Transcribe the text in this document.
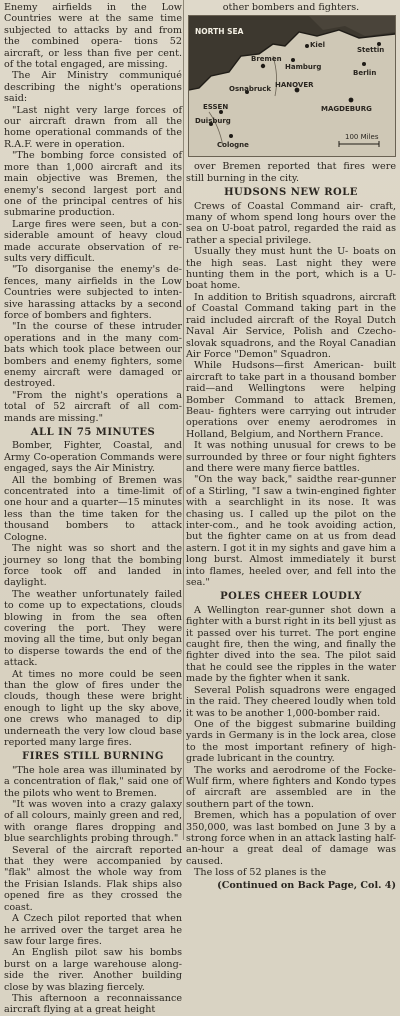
Enemy airfields in the Low Countries were at the same time subjected to attacks by and from the combined opera- tions 52 aircraft, or less than five per cent. of the total engaged, are missing.

The Air Ministry communiqué describing the night's operations said:

"Last night very large forces of our aircraft drawn from all the home operational commands of the R.A.F. were in operation.

"The bombing force consisted of more than 1,000 aircraft and its main objective was Bremen, the enemy's second largest port and one of the principal centres of his submarine production.

Large fires were seen, but a con- siderable amount of heavy cloud made accurate observation of re- sults very difficult.

"To disorganise the enemy's de- fences, many airfields in the Low Countries were subjected to inten- sive harassing attacks by a second force of bombers and fighters.

"In the course of these intruder operations and in the many com- bats which took place between our bombers and enemy fighters, some enemy aircraft were damaged or destroyed.

"From the night's operations a total of 52 aircraft of all com- mands are missing."

ALL IN 75 MINUTES

Bomber, Fighter, Coastal, and Army Co-operation Commands were engaged, says the Air Ministry.

All the bombing of Bremen was concentrated into a time-limit of one hour and a quarter—15 minutes less than the time taken for the thousand bombers to attack Cologne.

The night was so short and the journey so long that the bombing force took off and landed in daylight.

The weather unfortunately failed to come up to expectations, clouds blowing in from the sea often covering the port. They were moving all the time, but only began to disperse towards the end of the attack.

At times no more could be seen than the glow of fires under the clouds, though these were bright enough to light up the sky above, one crews who managed to dip underneath the very low cloud base reported many large fires.

FIRES STILL BURNING

"The hole area was illuminated by a concentration of flak," said one of the pilots who went to Bremen.

"It was woven into a crazy galaxy of all colours, mainly green and red, with orange flares dropping and blue searchlights probing through."

Several of the aircraft reported that they were accompanied by "flak" almost the whole way from the Frisian Islands. Flak ships also opened fire as they crossed the coast.

A Czech pilot reported that when he arrived over the target area he saw four large fires.

An English pilot saw his bombs burst on a large warehouse along- side the river. Another building close by was blazing fiercely.

This afternoon a reconnaissance aircraft flying at a great height

other bombers and fighters.

NORTH SEA
Kiel
Stettin
Bremen
Hamburg
Berlin
Osnabruck HANOVER
ESSEN
Duisburg
MAGDEBURG
Cologne
100 Miles

over Bremen reported that fires were still burning in the city.

HUDSONS NEW ROLE

Crews of Coastal Command air- craft, many of whom spend long hours over the sea on U-boat patrol, regarded the raid as rather a special privilege.

Usually they must hunt the U- boats on the high seas. Last night they were hunting them in the port, which is a U-boat home.

In addition to British squadrons, aircraft of Coastal Command taking part in the raid included aircraft of the Royal Dutch Naval Air Service, Polish and Czecho- slovak squadrons, and the Royal Canadian Air Force "Demon" Squadron.

While Hudsons—first American- built aircraft to take part in a thousand bomber raid—and Wellingtons were helping Bomber Command to attack Bremen, Beau- fighters were carrying out intruder operations over enemy aerodromes in Holland, Belgium, and Northern France.

It was nothing unusual for crews to be surrounded by three or four night fighters and there were many fierce battles.

"On the way back," saidthe rear-gunner of a Stirling, "I saw a twin-engined fighter with a searchlight in its nose. It was chasing us. I called up the pilot on the inter-com., and he took avoiding action, but the fighter came on at us from dead astern. I got it in my sights and gave him a long burst. Almost immediately it burst into flames, heeled over, and fell into the sea."

POLES CHEER LOUDLY

A Wellington rear-gunner shot down a fighter with a burst right in its bell yjust as it passed over his turret. The port engine caught fire, then the wing, and finally the fighter dived into the sea. The pilot said that he could see the ripples in the water made by the fighter when it sank.

Several Polish squadrons were engaged in the raid. They cheered loudly when told it was to be another 1,000-bomber raid.

One of the biggest submarine building yards in Germany is in the lock area, close to the most important refinery of high-grade lubricant in the country.

The works and aerodrome of the Focke-Wulf firm, where fighters and Kondo types of aircraft are assembled are in the southern part of the town.

Bremen, which has a population of over 350,000, was last bombed on June 3 by a strong force when in an attack lasting half-an-hour a great deal of damage was caused.

The loss of 52 planes is the

(Continued on Back Page, Col. 4)
